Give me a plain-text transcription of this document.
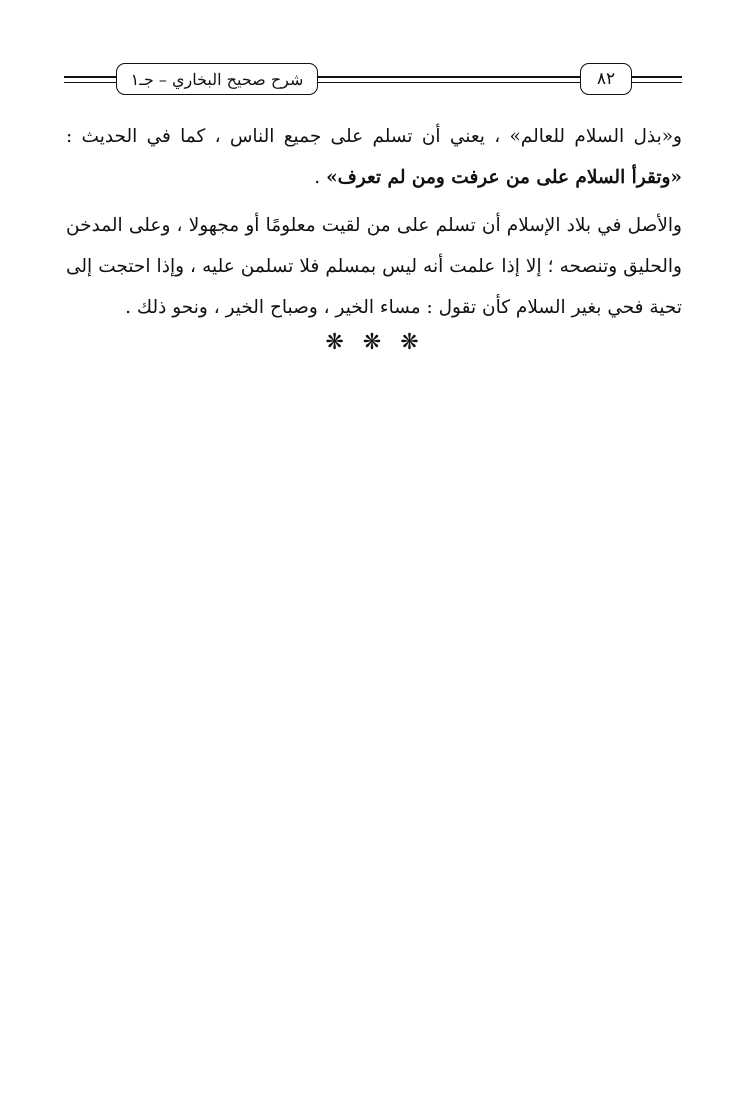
شرح صحيح البخاري – جـ١	٨٢

و«بذل السلام للعالم» ، يعني أن تسلم على جميع الناس ، كما في الحديث : «وتقرأ السلام على من عرفت ومن لم تعرف» .

والأصل في بلاد الإسلام أن تسلم على من لقيت معلومًا أو مجهولا ، وعلى المدخن والحليق وتنصحه ؛ إلا إذا علمت أنه ليس بمسلم فلا تسلمن عليه ، وإذا احتجت إلى تحية فحي بغير السلام كأن تقول : مساء الخير ، وصباح الخير ، ونحو ذلك .

❋ ❋ ❋
